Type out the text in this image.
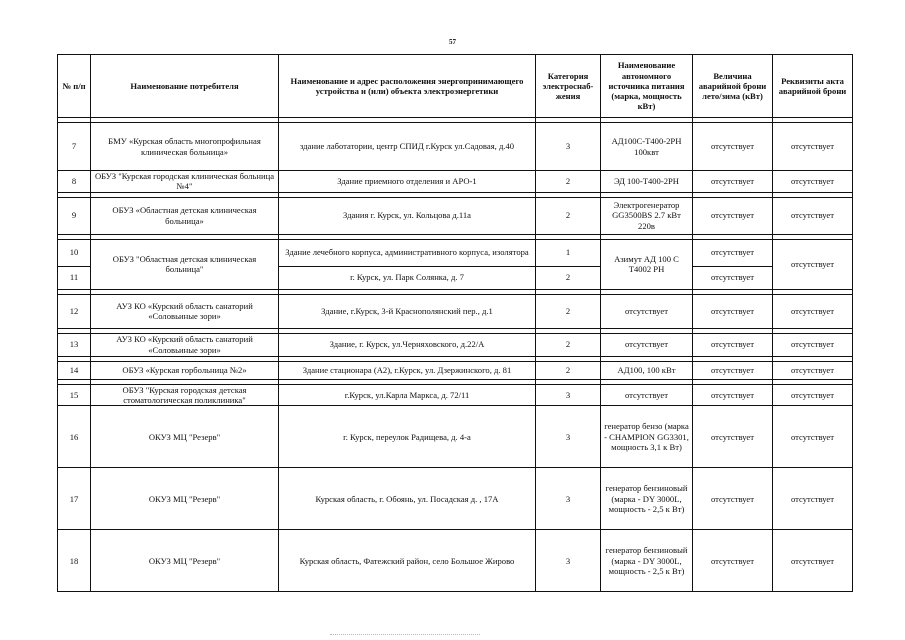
57
№ п/п	Наименование потребителя	Наименование и адрес расположения энергопринимающего устройства и (или) объекта электроэнергетики	Категория электроснаб-жения	Наименование автономного источника питания (марка, мощность кВт)	Величина аварийной брони лето/зима (кВт)	Реквизиты акта аварийной брони

7	БМУ «Курская область многопрофильная клиническая больница»	здание лаботатории, центр СПИД г.Курск ул.Садовая, д.40	3	АД100С-Т400-2РН 100квт	отсутствует	отсутствует
8	ОБУЗ "Курская городская клиническая больница №4"	Здание приемного отделения и АРО-1	2	ЭД 100-Т400-2РН	отсутствует	отсутствует

9	ОБУЗ «Областная детская клиническая больница»	Здания г. Курск, ул. Кольцова д.11а	2	Электрогенератор GG3500BS 2.7 кВт 220в	отсутствует	отсутствует

10	ОБУЗ "Областная детская клиническая больница"	Здание лечебного корпуса, административного корпуса, изолятора	1	Азимут АД 100 С Т4002 РН	отсутствует	отсутствует
11		г. Курск, ул. Парк Солянка, д. 7	2		отсутствует	

12	АУЗ КО «Курский область санаторий «Соловьиные зори»	Здание, г.Курск, 3-й Краснополянский пер., д.1	2	отсутствует	отсутствует	отсутствует

13	АУЗ КО «Курский область санаторий «Соловьиные зори»	Здание, г. Курск, ул.Черняховского, д.22/А	2	отсутствует	отсутствует	отсутствует

14	ОБУЗ «Курская горбольница №2»	Здание стационара (А2), г.Курск, ул. Дзержинского, д. 81	2	АД100, 100 кВт	отсутствует	отсутствует

15	ОБУЗ "Курская городская детская стоматологическая поликлиника"	г.Курск, ул.Карла Маркса, д. 72/11	3	отсутствует	отсутствует	отсутствует
16	ОКУЗ МЦ "Резерв"	г. Курск, переулок Радищева, д. 4-а	3	генератор бензо (марка - CHAMPION GG3301, мощность 3,1 к Вт)	отсутствует	отсутствует
17	ОКУЗ МЦ "Резерв"	Курская область, г. Обоянь, ул. Посадская д. , 17А	3	генератор бензиновый (марка - DY 3000L, мощность - 2,5 к Вт)	отсутствует	отсутствует
18	ОКУЗ МЦ "Резерв"	Курская область, Фатежский район, село Большое Жирово	3	генератор бензиновый (марка - DY 3000L, мощность - 2,5 к Вт)	отсутствует	отсутствует
